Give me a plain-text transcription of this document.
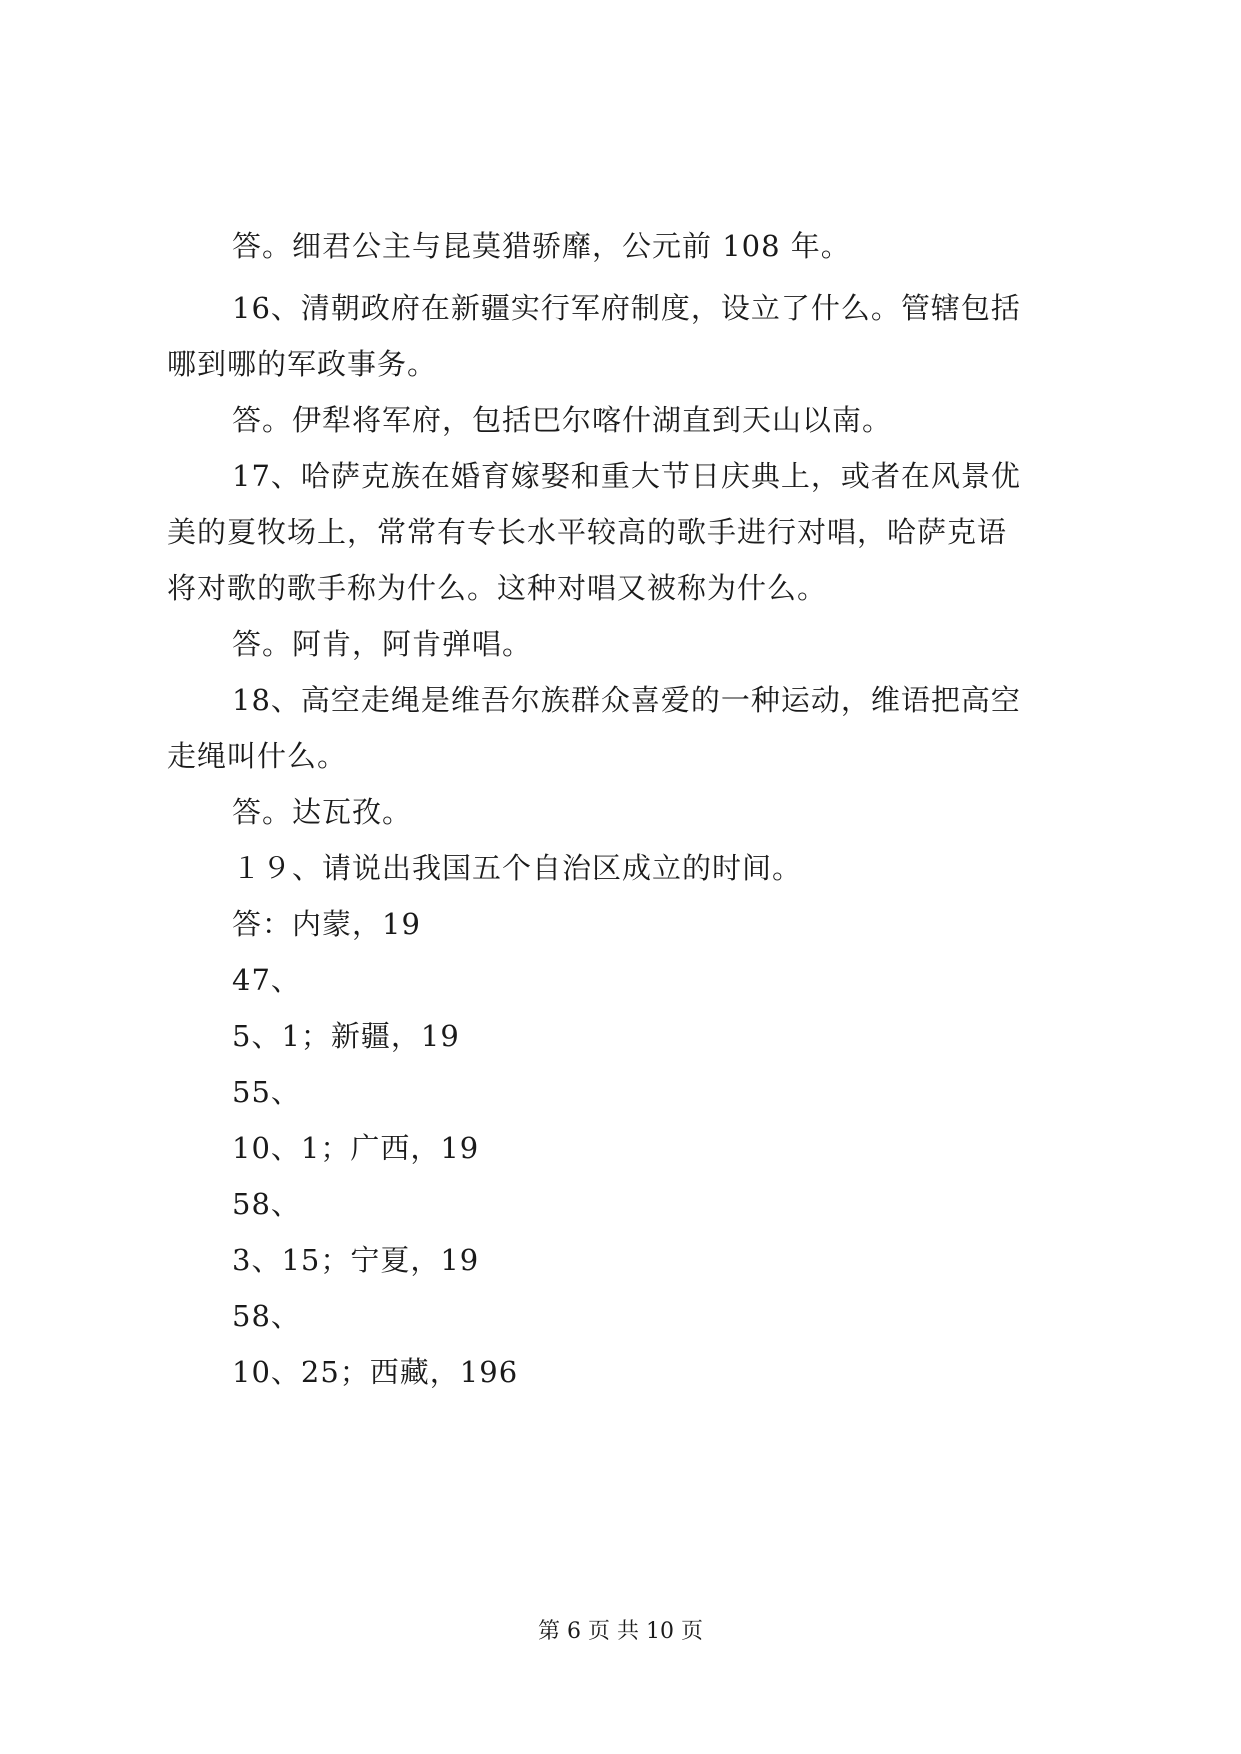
答。细君公主与昆莫猎骄靡，公元前 108 年。
16、清朝政府在新疆实行军府制度，设立了什么。管辖包括
哪到哪的军政事务。
答。伊犁将军府，包括巴尔喀什湖直到天山以南。
17、哈萨克族在婚育嫁娶和重大节日庆典上，或者在风景优
美的夏牧场上，常常有专长水平较高的歌手进行对唱，哈萨克语
将对歌的歌手称为什么。这种对唱又被称为什么。
答。阿肯，阿肯弹唱。
18、高空走绳是维吾尔族群众喜爱的一种运动，维语把高空
走绳叫什么。
答。达瓦孜。
１９、请说出我国五个自治区成立的时间。
答：内蒙，19
47、
5、1；新疆，19
55、
10、1；广西，19
58、
3、15；宁夏，19
58、
10、25；西藏，196
第 6 页 共 10 页
